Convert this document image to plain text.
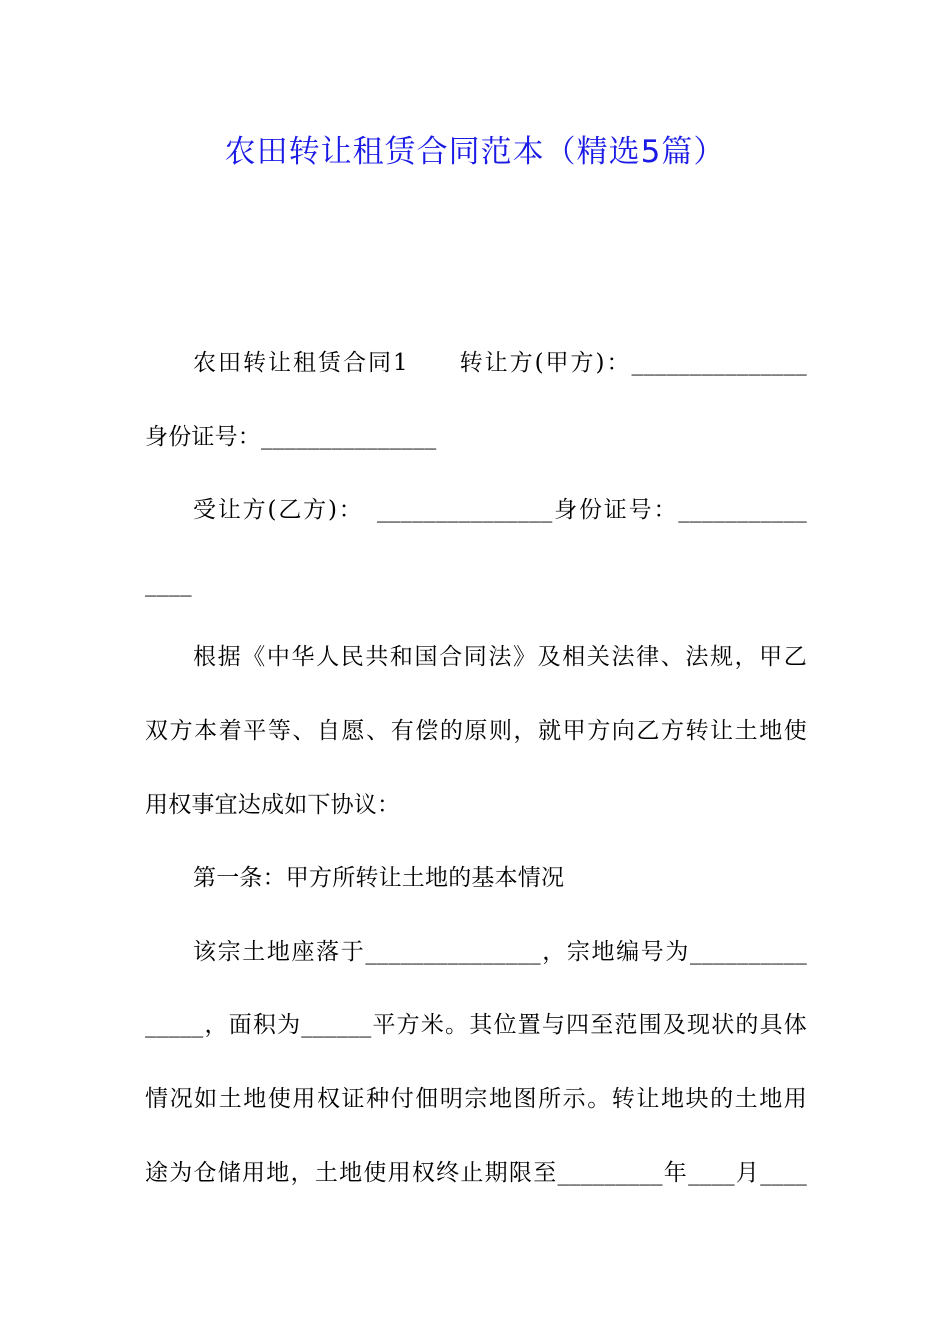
农田转让租赁合同范本（精选5篇）
农田转让租赁合同1　　转让方(甲方)：_______________
身份证号：_______________
受让方(乙方)：　_______________身份证号：___________
____
根据《中华人民共和国合同法》及相关法律、法规，甲乙
双方本着平等、自愿、有偿的原则，就甲方向乙方转让土地使
用权事宜达成如下协议：
第一条：甲方所转让土地的基本情况
该宗土地座落于_______________，宗地编号为__________
_____，面积为______平方米。其位置与四至范围及现状的具体
情况如土地使用权证种付佃明宗地图所示。转让地块的土地用
途为仓储用地，土地使用权终止期限至_________年____月____
